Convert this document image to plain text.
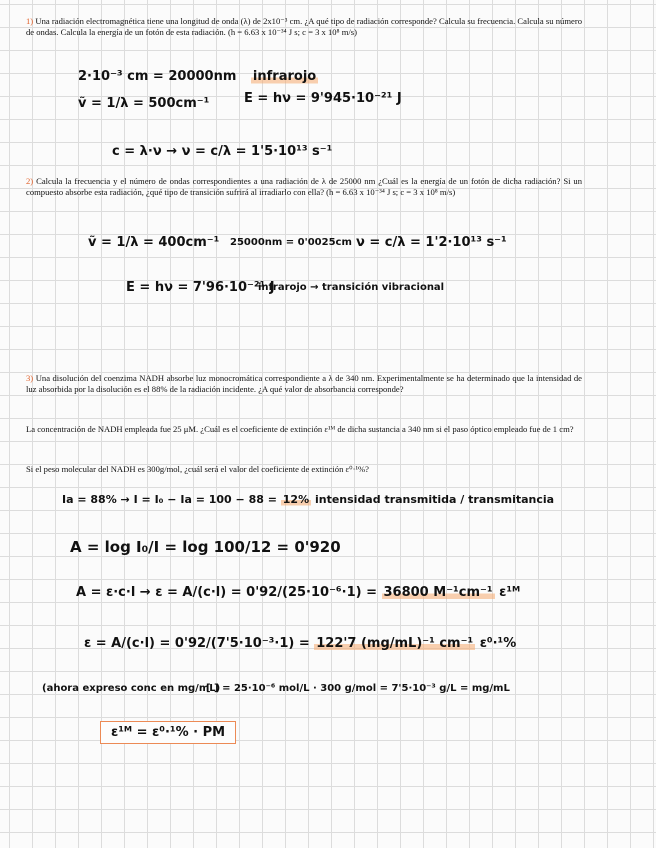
1) Una radiación electromagnética tiene una longitud de onda (λ) de 2x10⁻³ cm. ¿A qué tipo de radiación corresponde? Calcula su frecuencia. Calcula su número de ondas. Calcula la energía de un fotón de esta radiación. (h = 6.63 x 10⁻³⁴ J s; c = 3 x 10⁸ m/s)

2·10⁻³ cm = 20000nm infrarojo
ṽ = 1/λ = 500cm⁻¹	E = hν = 9'945·10⁻²¹ J
c = λ·ν → ν = c/λ = 1'5·10¹³ s⁻¹

2) Calcula la frecuencia y el número de ondas correspondientes a una radiación de λ de 25000 nm ¿Cuál es la energía de un fotón de dicha radiación? Si un compuesto absorbe esta radiación, ¿qué tipo de transición sufrirá al irradiarlo con ella? (h = 6.63 x 10⁻³⁴ J s; c = 3 x 10⁸ m/s)

ṽ = 1/λ = 400cm⁻¹ 25000nm = 0'0025cm ν = c/λ = 1'2·10¹³ s⁻¹
E = hν = 7'96·10⁻²¹ J
infrarojo → transición vibracional

3) Una disolución del coenzima NADH absorbe luz monocromática correspondiente a λ de 340 nm. Experimentalmente se ha determinado que la intensidad de luz absorbida por la disolución es el 88% de la radiación incidente. ¿A qué valor de absorbancia corresponde?

La concentración de NADH empleada fue 25 μM. ¿Cuál es el coeficiente de extinción ε¹ᴹ de dicha sustancia a 340 nm si el paso óptico empleado fue de 1 cm?

Si el peso molecular del NADH es 300g/mol, ¿cuál será el valor del coeficiente de extinción ε⁰·¹%?

Ia = 88% → I = I₀ − Ia = 100 − 88 = 12% intensidad transmitida / transmitancia
A = log I₀/I = log 100/12 = 0'920
A = ε·c·l → ε = A/(c·l) = 0'92/(25·10⁻⁶·1) = 36800 M⁻¹cm⁻¹ ε¹ᴹ
ε = A/(c·l) = 0'92/(7'5·10⁻³·1) = 122'7 (mg/mL)⁻¹ cm⁻¹ ε⁰·¹%
(ahora expreso conc en mg/mL)
[ ] = 25·10⁻⁶ mol/L · 300 g/mol = 7'5·10⁻³ g/L = mg/mL
ε¹ᴹ = ε⁰·¹% · PM
